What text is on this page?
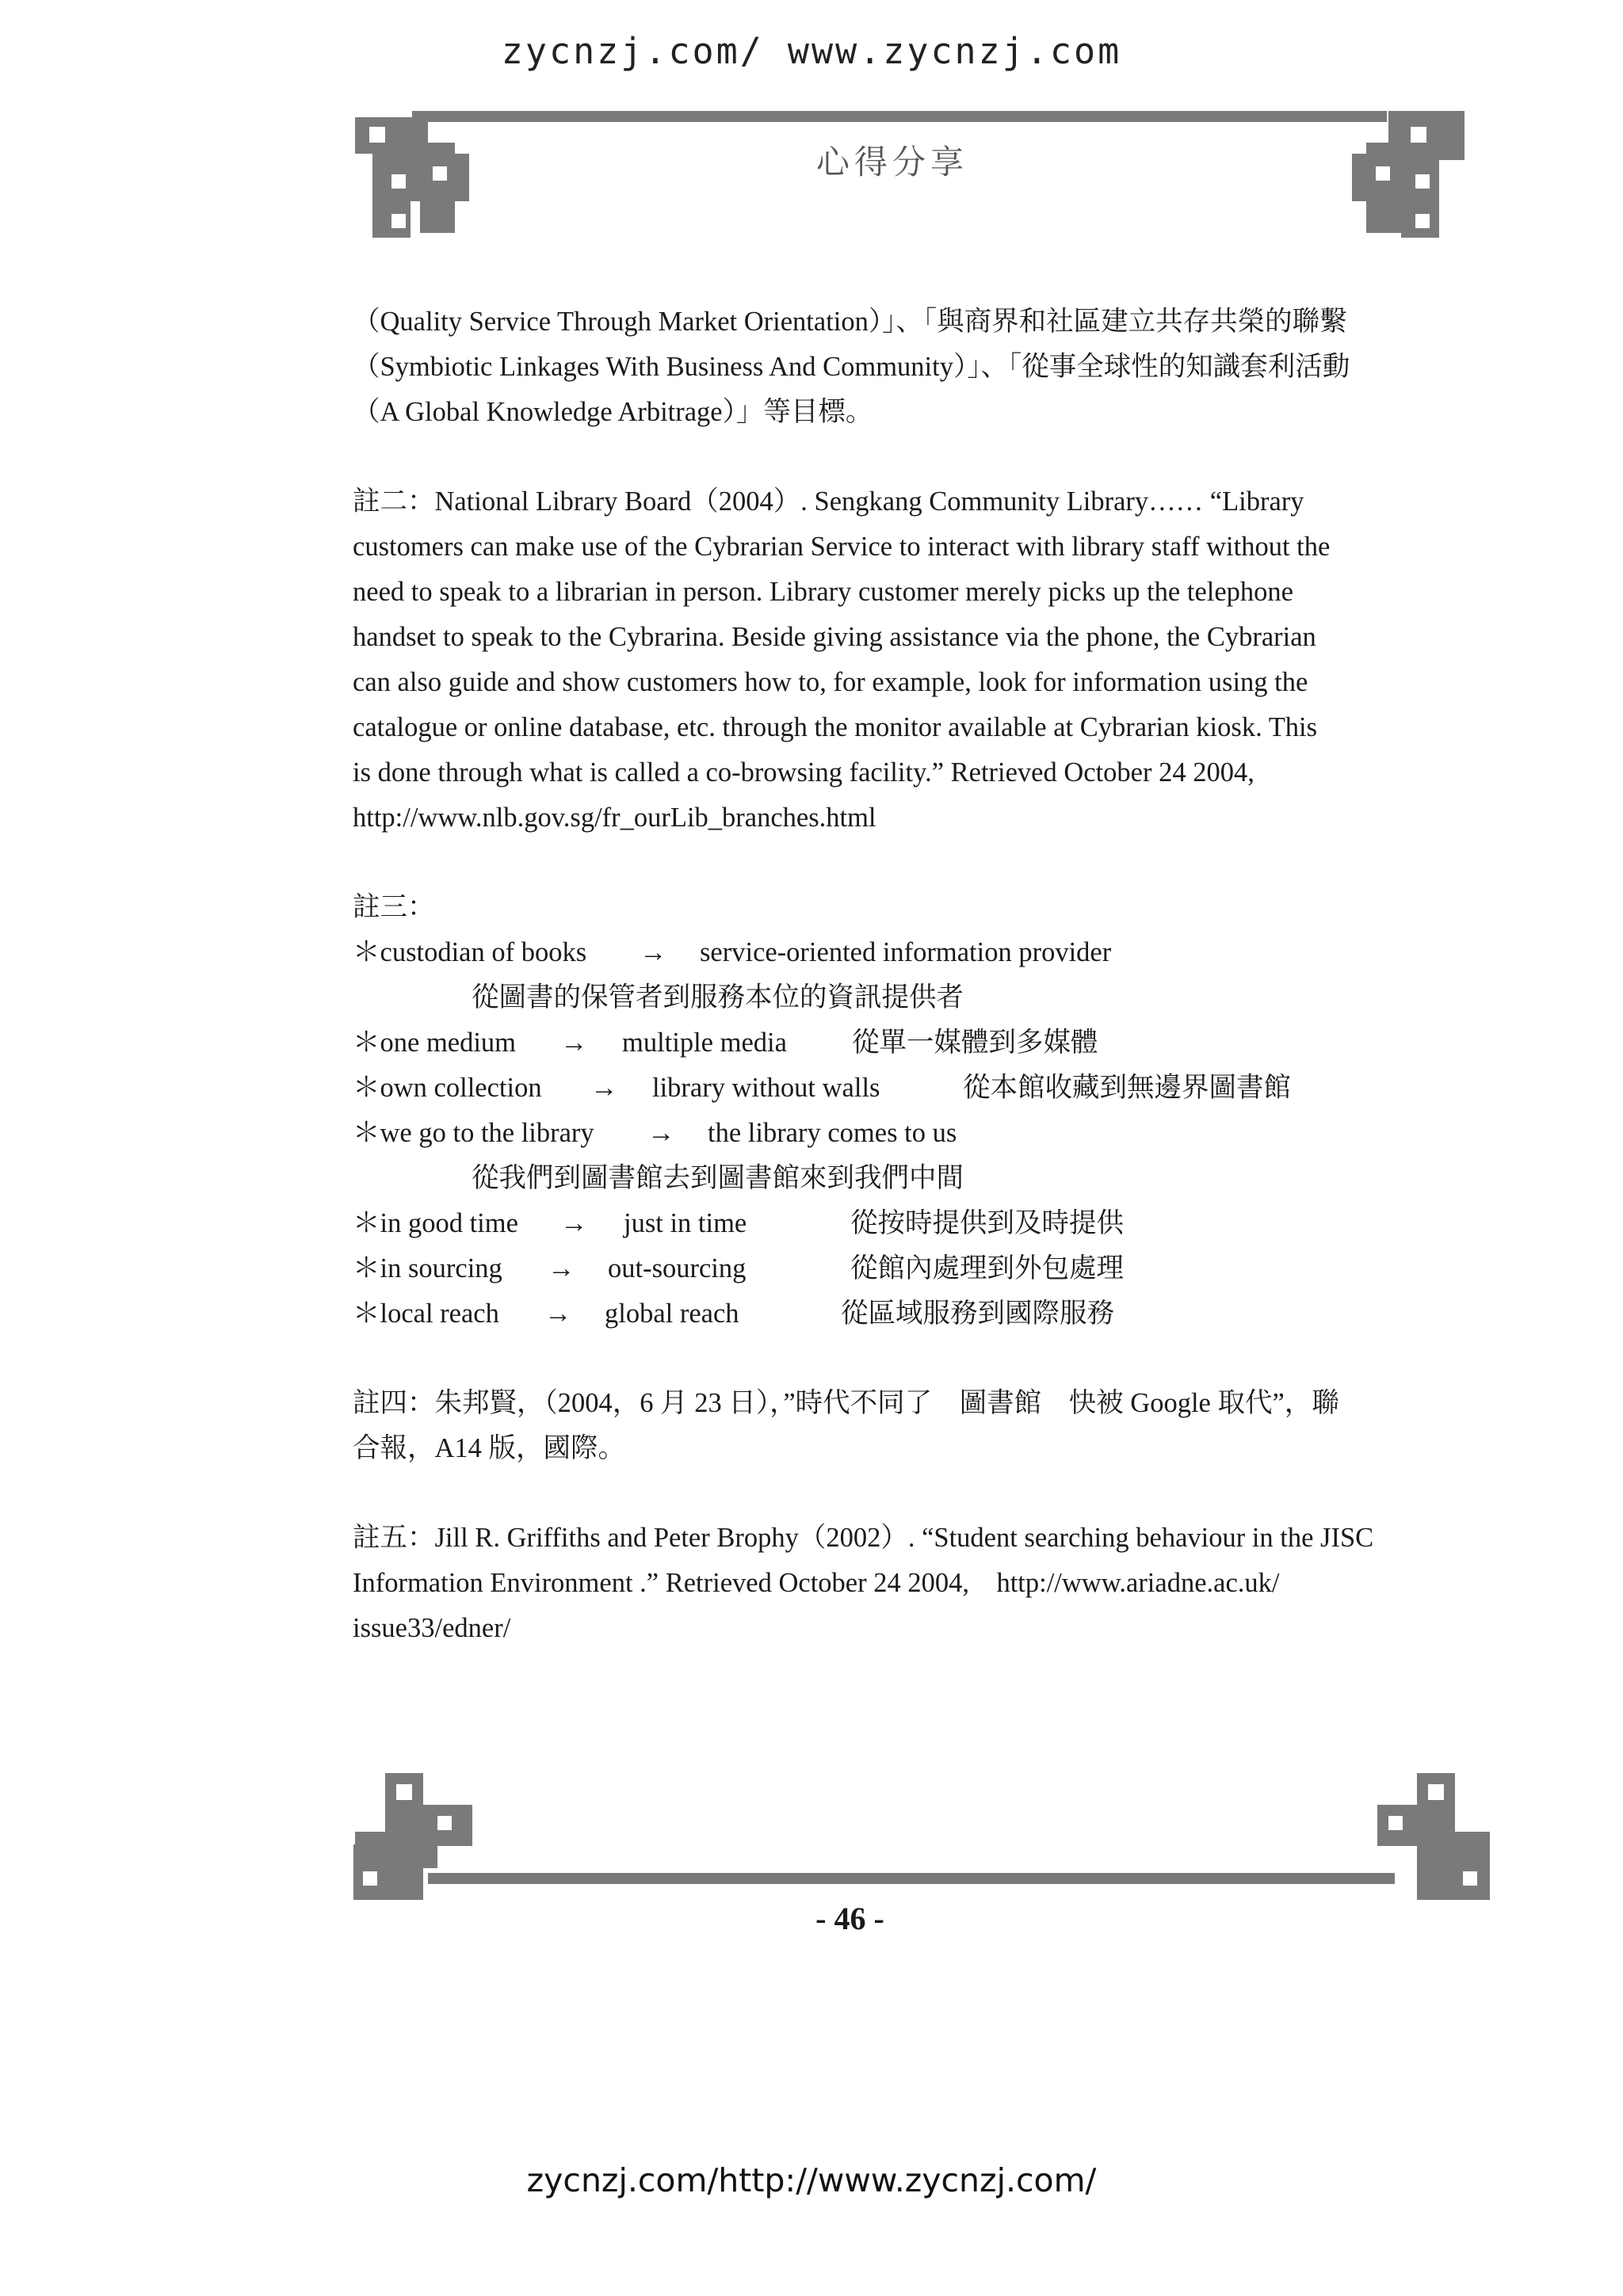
zycnzj.com/ www.zycnzj.com
心得分享

（Quality Service Through Market Orientation）」、「與商界和社區建立共存共榮的聯繫

（Symbiotic Linkages With Business And Community）」、「從事全球性的知識套利活動

（A Global Knowledge Arbitrage）」等目標。

註二：National Library Board（2004）. Sengkang Community Library…… “Library

customers can make use of the Cybrarian Service to interact with library staff without the

need to speak to a librarian in person. Library customer merely picks up the telephone

handset to speak to the Cybrarina. Beside giving assistance via the phone, the Cybrarian

can also guide and show customers how to, for example, look for information using the

catalogue or online database, etc. through the monitor available at Cybrarian kiosk. This

is done through what is called a co-browsing facility.” Retrieved October 24 2004,

http://www.nlb.gov.sg/fr_ourLib_branches.html

註三：

＊custodian of books → service-oriented information provider
從圖書的保管者到服務本位的資訊提供者
＊one medium → multiple media 從單一媒體到多媒體
＊own collection → library without walls	從本館收藏到無邊界圖書館
＊we go to the library → the library comes to us
從我們到圖書館去到圖書館來到我們中間
＊in good time → just in time	從按時提供到及時提供
＊in sourcing → out-sourcing	從館內處理到外包處理
＊local reach → global reach	從區域服務到國際服務

註四：朱邦賢，（2004，6 月 23 日），”時代不同了　圖書館　快被 Google 取代”，聯

合報，A14 版，國際。

註五：Jill R. Griffiths and Peter Brophy（2002）. “Student searching behaviour in the JISC

Information Environment .” Retrieved October 24 2004,　http://www.ariadne.ac.uk/

issue33/edner/

- 46 -
zycnzj.com/http://www.zycnzj.com/
